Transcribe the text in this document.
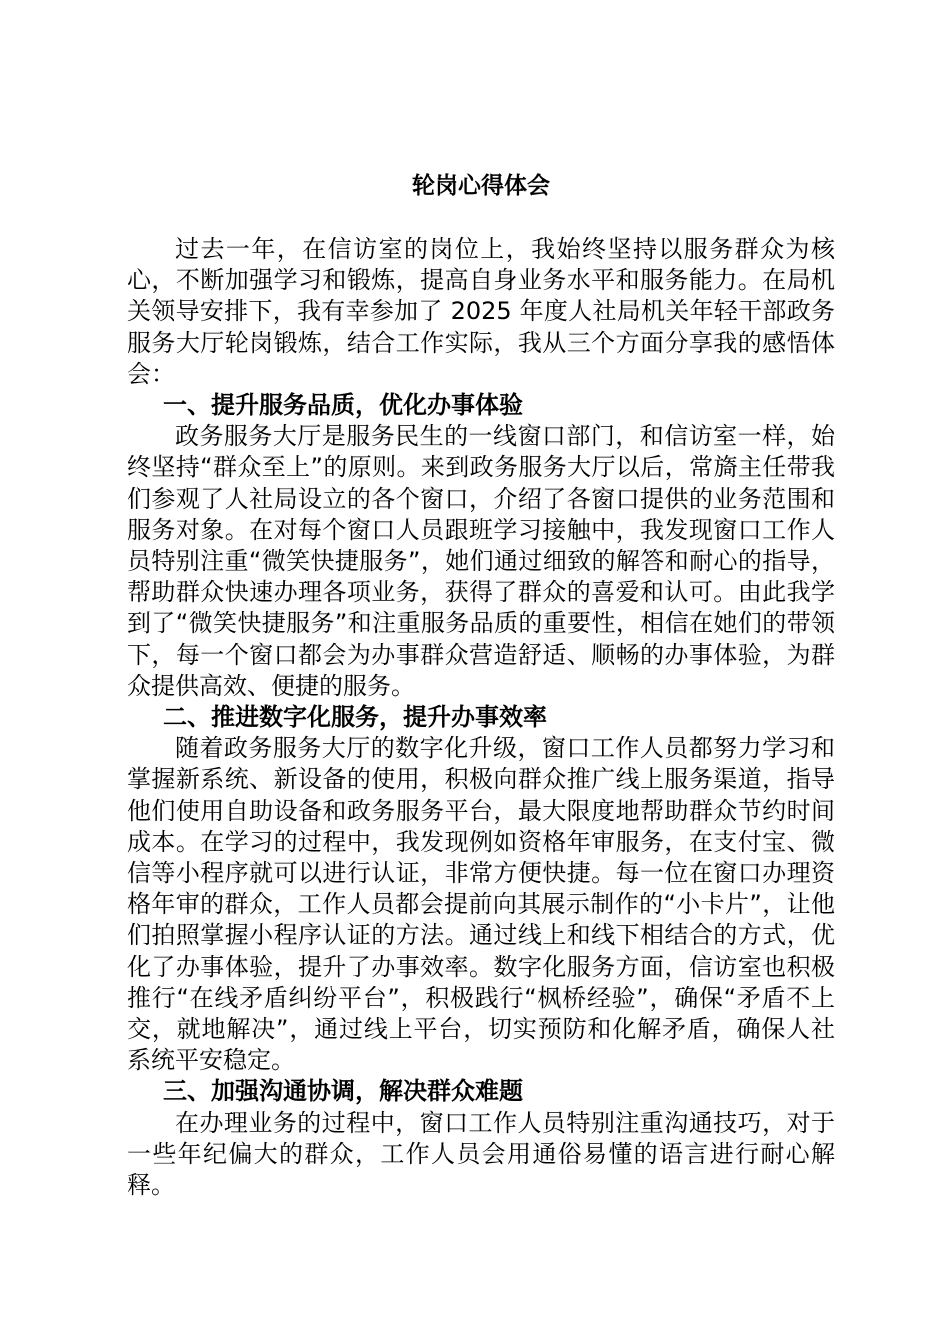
轮岗心得体会

过去一年，在信访室的岗位上，我始终坚持以服务群众为核心，不断加强学习和锻炼，提高自身业务水平和服务能力。在局机关领导安排下，我有幸参加了 2025 年度人社局机关年轻干部政务服务大厅轮岗锻炼，结合工作实际，我从三个方面分享我的感悟体会：

一、提升服务品质，优化办事体验

政务服务大厅是服务民生的一线窗口部门，和信访室一样，始终坚持“群众至上”的原则。来到政务服务大厅以后，常旖主任带我们参观了人社局设立的各个窗口，介绍了各窗口提供的业务范围和服务对象。在对每个窗口人员跟班学习接触中，我发现窗口工作人员特别注重“微笑快捷服务”，她们通过细致的解答和耐心的指导，帮助群众快速办理各项业务，获得了群众的喜爱和认可。由此我学到了“微笑快捷服务”和注重服务品质的重要性，相信在她们的带领下，每一个窗口都会为办事群众营造舒适、顺畅的办事体验，为群众提供高效、便捷的服务。

二、推进数字化服务，提升办事效率

随着政务服务大厅的数字化升级，窗口工作人员都努力学习和掌握新系统、新设备的使用，积极向群众推广线上服务渠道，指导他们使用自助设备和政务服务平台，最大限度地帮助群众节约时间成本。在学习的过程中，我发现例如资格年审服务，在支付宝、微信等小程序就可以进行认证，非常方便快捷。每一位在窗口办理资格年审的群众，工作人员都会提前向其展示制作的“小卡片”，让他们拍照掌握小程序认证的方法。通过线上和线下相结合的方式，优化了办事体验，提升了办事效率。数字化服务方面，信访室也积极推行“在线矛盾纠纷平台”，积极践行“枫桥经验”，确保“矛盾不上交，就地解决”，通过线上平台，切实预防和化解矛盾，确保人社系统平安稳定。

三、加强沟通协调，解决群众难题

在办理业务的过程中，窗口工作人员特别注重沟通技巧，对于一些年纪偏大的群众，工作人员会用通俗易懂的语言进行耐心解释。
